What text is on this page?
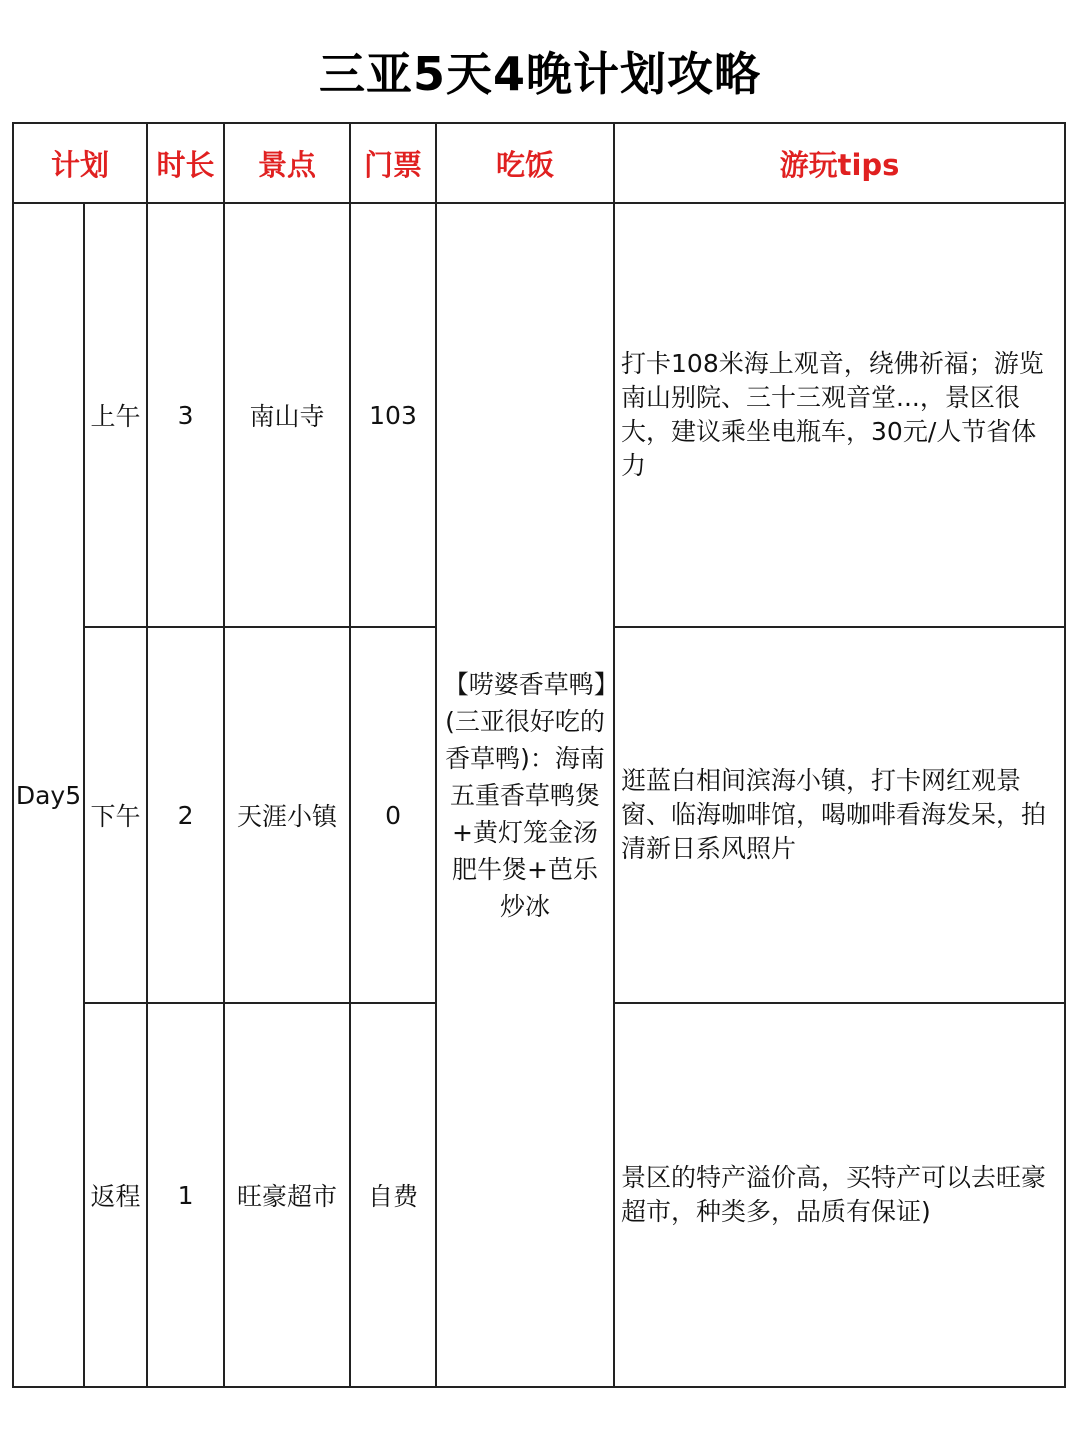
三亚5天4晚计划攻略
计划		时长	景点	门票	吃饭	游玩tips
Day5	上午	3	南山寺	103	【唠婆香草鸭】(三亚很好吃的香草鸭)：海南五重香草鸭煲+黄灯笼金汤肥牛煲+芭乐炒冰	打卡108米海上观音，绕佛祈福；游览南山别院、三十三观音堂...，景区很大，建议乘坐电瓶车，30元/人节省体力
	下午	2	天涯小镇	0		逛蓝白相间滨海小镇，打卡网红观景窗、临海咖啡馆，喝咖啡看海发呆，拍清新日系风照片
	返程	1	旺豪超市	自费		景区的特产溢价高，买特产可以去旺豪超市，种类多，品质有保证)
